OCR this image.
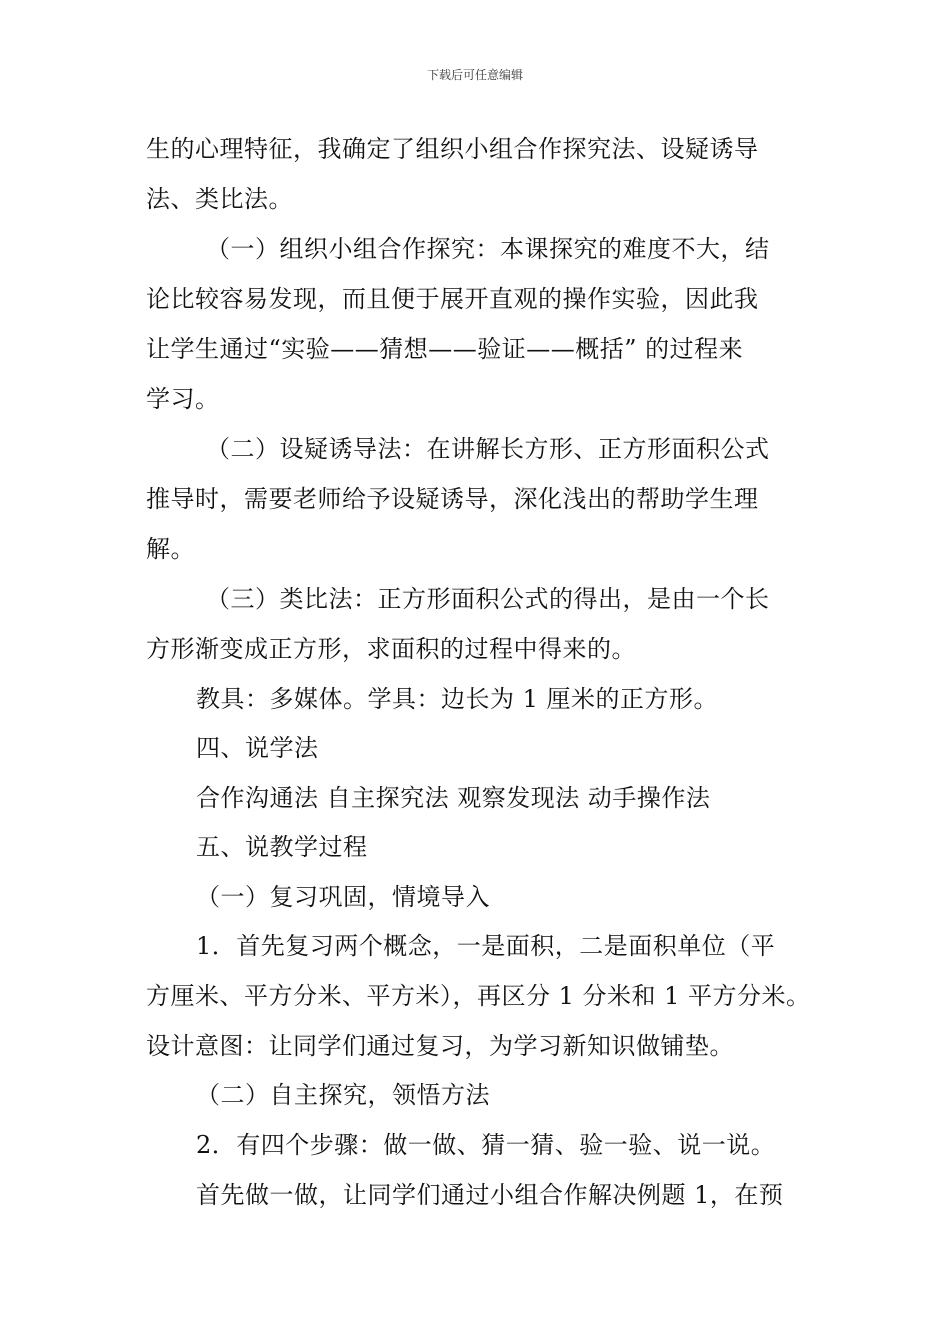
下载后可任意编辑
生的心理特征，我确定了组织小组合作探究法、设疑诱导
法、类比法。
（一）组织小组合作探究：本课探究的难度不大，结
论比较容易发现，而且便于展开直观的操作实验，因此我
让学生通过“实验——猜想——验证——概括” 的过程来
学习。
（二）设疑诱导法：在讲解长方形、正方形面积公式
推导时，需要老师给予设疑诱导，深化浅出的帮助学生理
解。
（三）类比法：正方形面积公式的得出，是由一个长
方形渐变成正方形，求面积的过程中得来的。
教具：多媒体。学具：边长为 1 厘米的正方形。
四、说学法
合作沟通法 自主探究法 观察发现法 动手操作法
五、说教学过程
（一）复习巩固，情境导入
1．首先复习两个概念，一是面积，二是面积单位（平
方厘米、平方分米、平方米），再区分 1 分米和 1 平方分米。
设计意图：让同学们通过复习，为学习新知识做铺垫。
（二）自主探究，领悟方法
2．有四个步骤：做一做、猜一猜、验一验、说一说。
首先做一做，让同学们通过小组合作解决例题 1，在预
